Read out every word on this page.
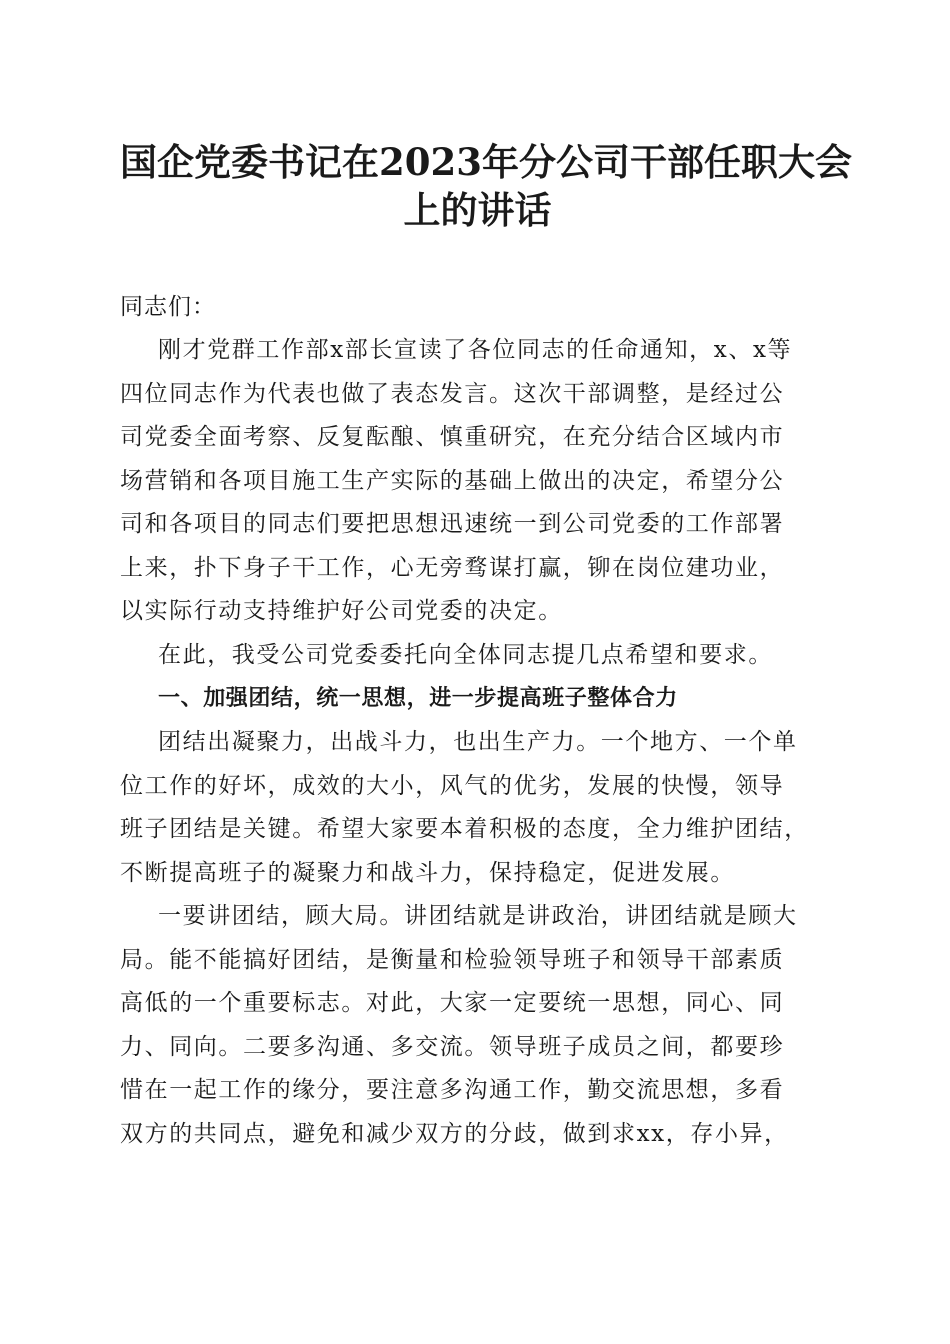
国企党委书记在2023年分公司干部任职大会
上的讲话
同志们：

刚才党群工作部x部长宣读了各位同志的任命通知，x、x等
四位同志作为代表也做了表态发言。这次干部调整，是经过公
司党委全面考察、反复酝酿、慎重研究，在充分结合区域内市
场营销和各项目施工生产实际的基础上做出的决定，希望分公
司和各项目的同志们要把思想迅速统一到公司党委的工作部署
上来，扑下身子干工作，心无旁骛谋打赢，铆在岗位建功业，
以实际行动支持维护好公司党委的决定。

在此，我受公司党委委托向全体同志提几点希望和要求。

一、加强团结，统一思想，进一步提高班子整体合力

团结出凝聚力，出战斗力，也出生产力。一个地方、一个单
位工作的好坏，成效的大小，风气的优劣，发展的快慢，领导
班子团结是关键。希望大家要本着积极的态度，全力维护团结，
不断提高班子的凝聚力和战斗力，保持稳定，促进发展。

一要讲团结，顾大局。讲团结就是讲政治，讲团结就是顾大
局。能不能搞好团结，是衡量和检验领导班子和领导干部素质
高低的一个重要标志。对此，大家一定要统一思想，同心、同
力、同向。二要多沟通、多交流。领导班子成员之间，都要珍
惜在一起工作的缘分，要注意多沟通工作，勤交流思想，多看
双方的共同点，避免和减少双方的分歧，做到求xx，存小异，
